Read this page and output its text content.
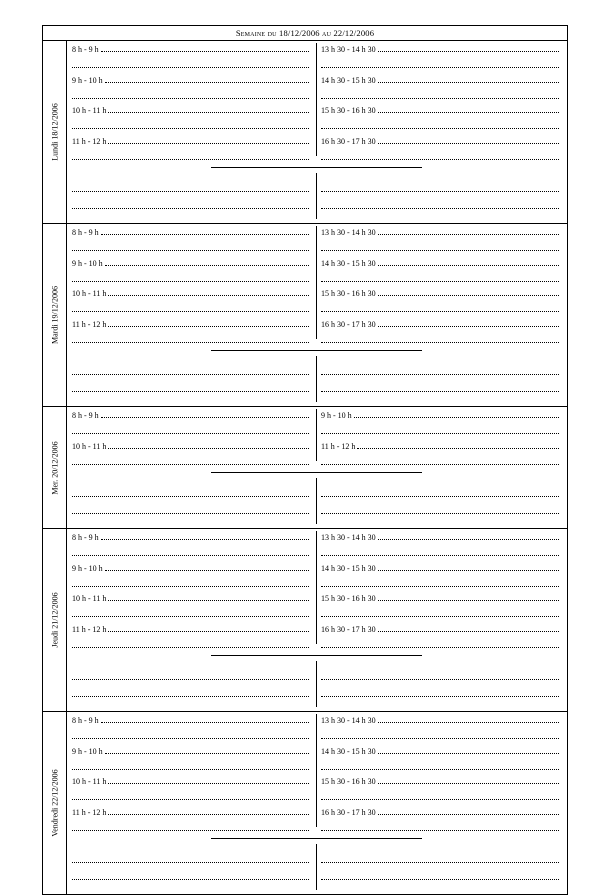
Semaine du 18/12/2006 au 22/12/2006
Lundi 18/12/2006
8 h - 9 h
9 h - 10 h
10 h - 11 h
11 h - 12 h
13 h 30 - 14 h 30
14 h 30 - 15 h 30
15 h 30 - 16 h 30
16 h 30 - 17 h 30
Mardi 19/12/2006
8 h - 9 h
9 h - 10 h
10 h - 11 h
11 h - 12 h
13 h 30 - 14 h 30
14 h 30 - 15 h 30
15 h 30 - 16 h 30
16 h 30 - 17 h 30
Mer. 20/12/2006
8 h - 9 h
10 h - 11 h
9 h - 10 h
11 h - 12 h
Jeudi 21/12/2006
8 h - 9 h
9 h - 10 h
10 h - 11 h
11 h - 12 h
13 h 30 - 14 h 30
14 h 30 - 15 h 30
15 h 30 - 16 h 30
16 h 30 - 17 h 30
Vendredi 22/12/2006
8 h - 9 h
9 h - 10 h
10 h - 11 h
11 h - 12 h
13 h 30 - 14 h 30
14 h 30 - 15 h 30
15 h 30 - 16 h 30
16 h 30 - 17 h 30
